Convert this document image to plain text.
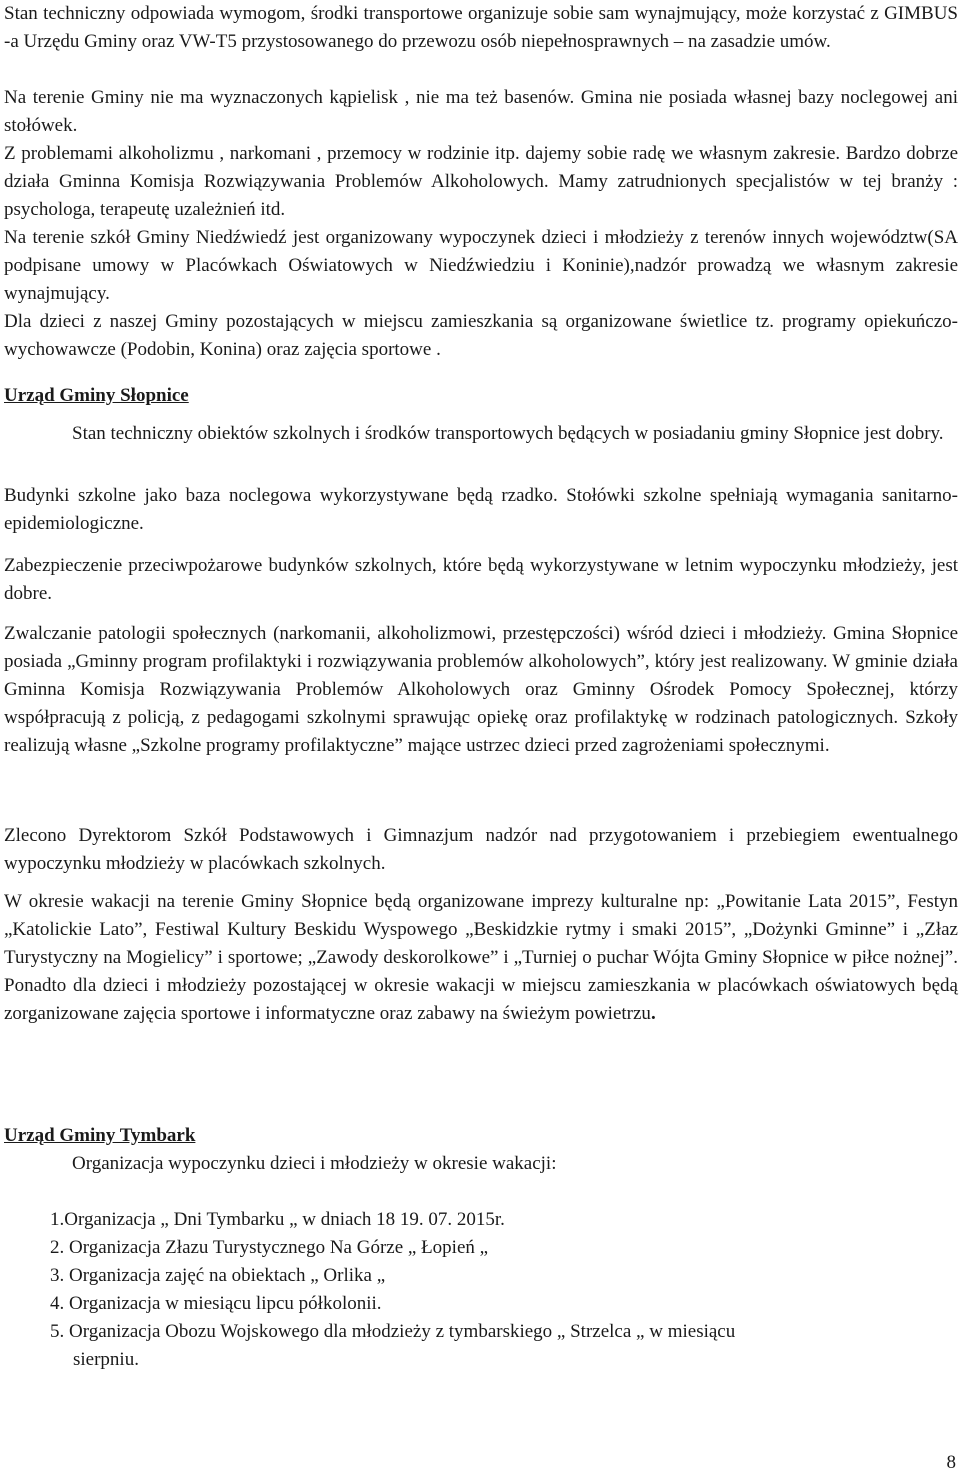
Stan techniczny odpowiada wymogom, środki transportowe organizuje sobie sam wynajmujący, może korzystać z GIMBUS -a Urzędu Gminy oraz VW-T5 przystosowanego do przewozu osób niepełnosprawnych – na zasadzie umów.

Na terenie Gminy nie ma wyznaczonych kąpielisk , nie ma też basenów. Gmina nie posiada własnej bazy noclegowej ani stołówek.

Z problemami alkoholizmu , narkomani , przemocy w rodzinie itp. dajemy sobie radę we własnym zakresie. Bardzo dobrze działa Gminna Komisja Rozwiązywania Problemów Alkoholowych. Mamy zatrudnionych specjalistów w tej branży : psychologa, terapeutę uzależnień itd.

Na terenie szkół Gminy Niedźwiedź jest organizowany wypoczynek dzieci i młodzieży z terenów innych województw(SA podpisane umowy w Placówkach Oświatowych w Niedźwiedziu i Koninie),nadzór prowadzą we własnym zakresie wynajmujący.

Dla dzieci z naszej Gminy pozostających w miejscu zamieszkania są organizowane świetlice tz. programy opiekuńczo- wychowawcze (Podobin, Konina) oraz zajęcia sportowe .

Urząd Gminy Słopnice

Stan techniczny obiektów szkolnych i środków transportowych będących w posiadaniu gminy Słopnice jest dobry.

Budynki szkolne jako baza noclegowa wykorzystywane będą rzadko. Stołówki szkolne spełniają wymagania sanitarno-epidemiologiczne.

Zabezpieczenie przeciwpożarowe budynków szkolnych, które będą wykorzystywane w letnim wypoczynku młodzieży, jest dobre.

Zwalczanie patologii społecznych (narkomanii, alkoholizmowi, przestępczości) wśród dzieci i młodzieży. Gmina Słopnice posiada „Gminny program profilaktyki i rozwiązywania problemów alkoholowych”, który jest realizowany. W gminie działa Gminna Komisja Rozwiązywania Problemów Alkoholowych oraz Gminny Ośrodek Pomocy Społecznej, którzy współpracują z policją, z pedagogami szkolnymi sprawując opiekę oraz profilaktykę w rodzinach patologicznych. Szkoły realizują własne „Szkolne programy profilaktyczne” mające ustrzec dzieci przed zagrożeniami społecznymi.

Zlecono Dyrektorom Szkół Podstawowych i Gimnazjum nadzór nad przygotowaniem i przebiegiem ewentualnego wypoczynku młodzieży w placówkach szkolnych.

W okresie wakacji na terenie Gminy Słopnice będą organizowane imprezy kulturalne np: „Powitanie Lata 2015”, Festyn „Katolickie Lato”, Festiwal Kultury Beskidu Wyspowego „Beskidzkie rytmy i smaki 2015”, „Dożynki Gminne” i „Złaz Turystyczny na Mogielicy” i sportowe; „Zawody deskorolkowe” i „Turniej o puchar Wójta Gminy Słopnice w piłce nożnej”. Ponadto dla dzieci i młodzieży pozostającej w okresie wakacji w miejscu zamieszkania w placówkach oświatowych będą zorganizowane zajęcia sportowe i informatyczne oraz zabawy na świeżym powietrzu.

Urząd Gminy Tymbark

Organizacja wypoczynku dzieci i młodzieży w okresie wakacji:

1.Organizacja „ Dni Tymbarku „ w dniach 18 19. 07. 2015r.
2. Organizacja Złazu Turystycznego Na Górze „ Łopień „
3. Organizacja zajęć na obiektach „ Orlika „
4. Organizacja w miesiącu lipcu półkolonii.
5. Organizacja Obozu Wojskowego dla młodzieży z tymbarskiego „ Strzelca „ w miesiącu
sierpniu.
8
